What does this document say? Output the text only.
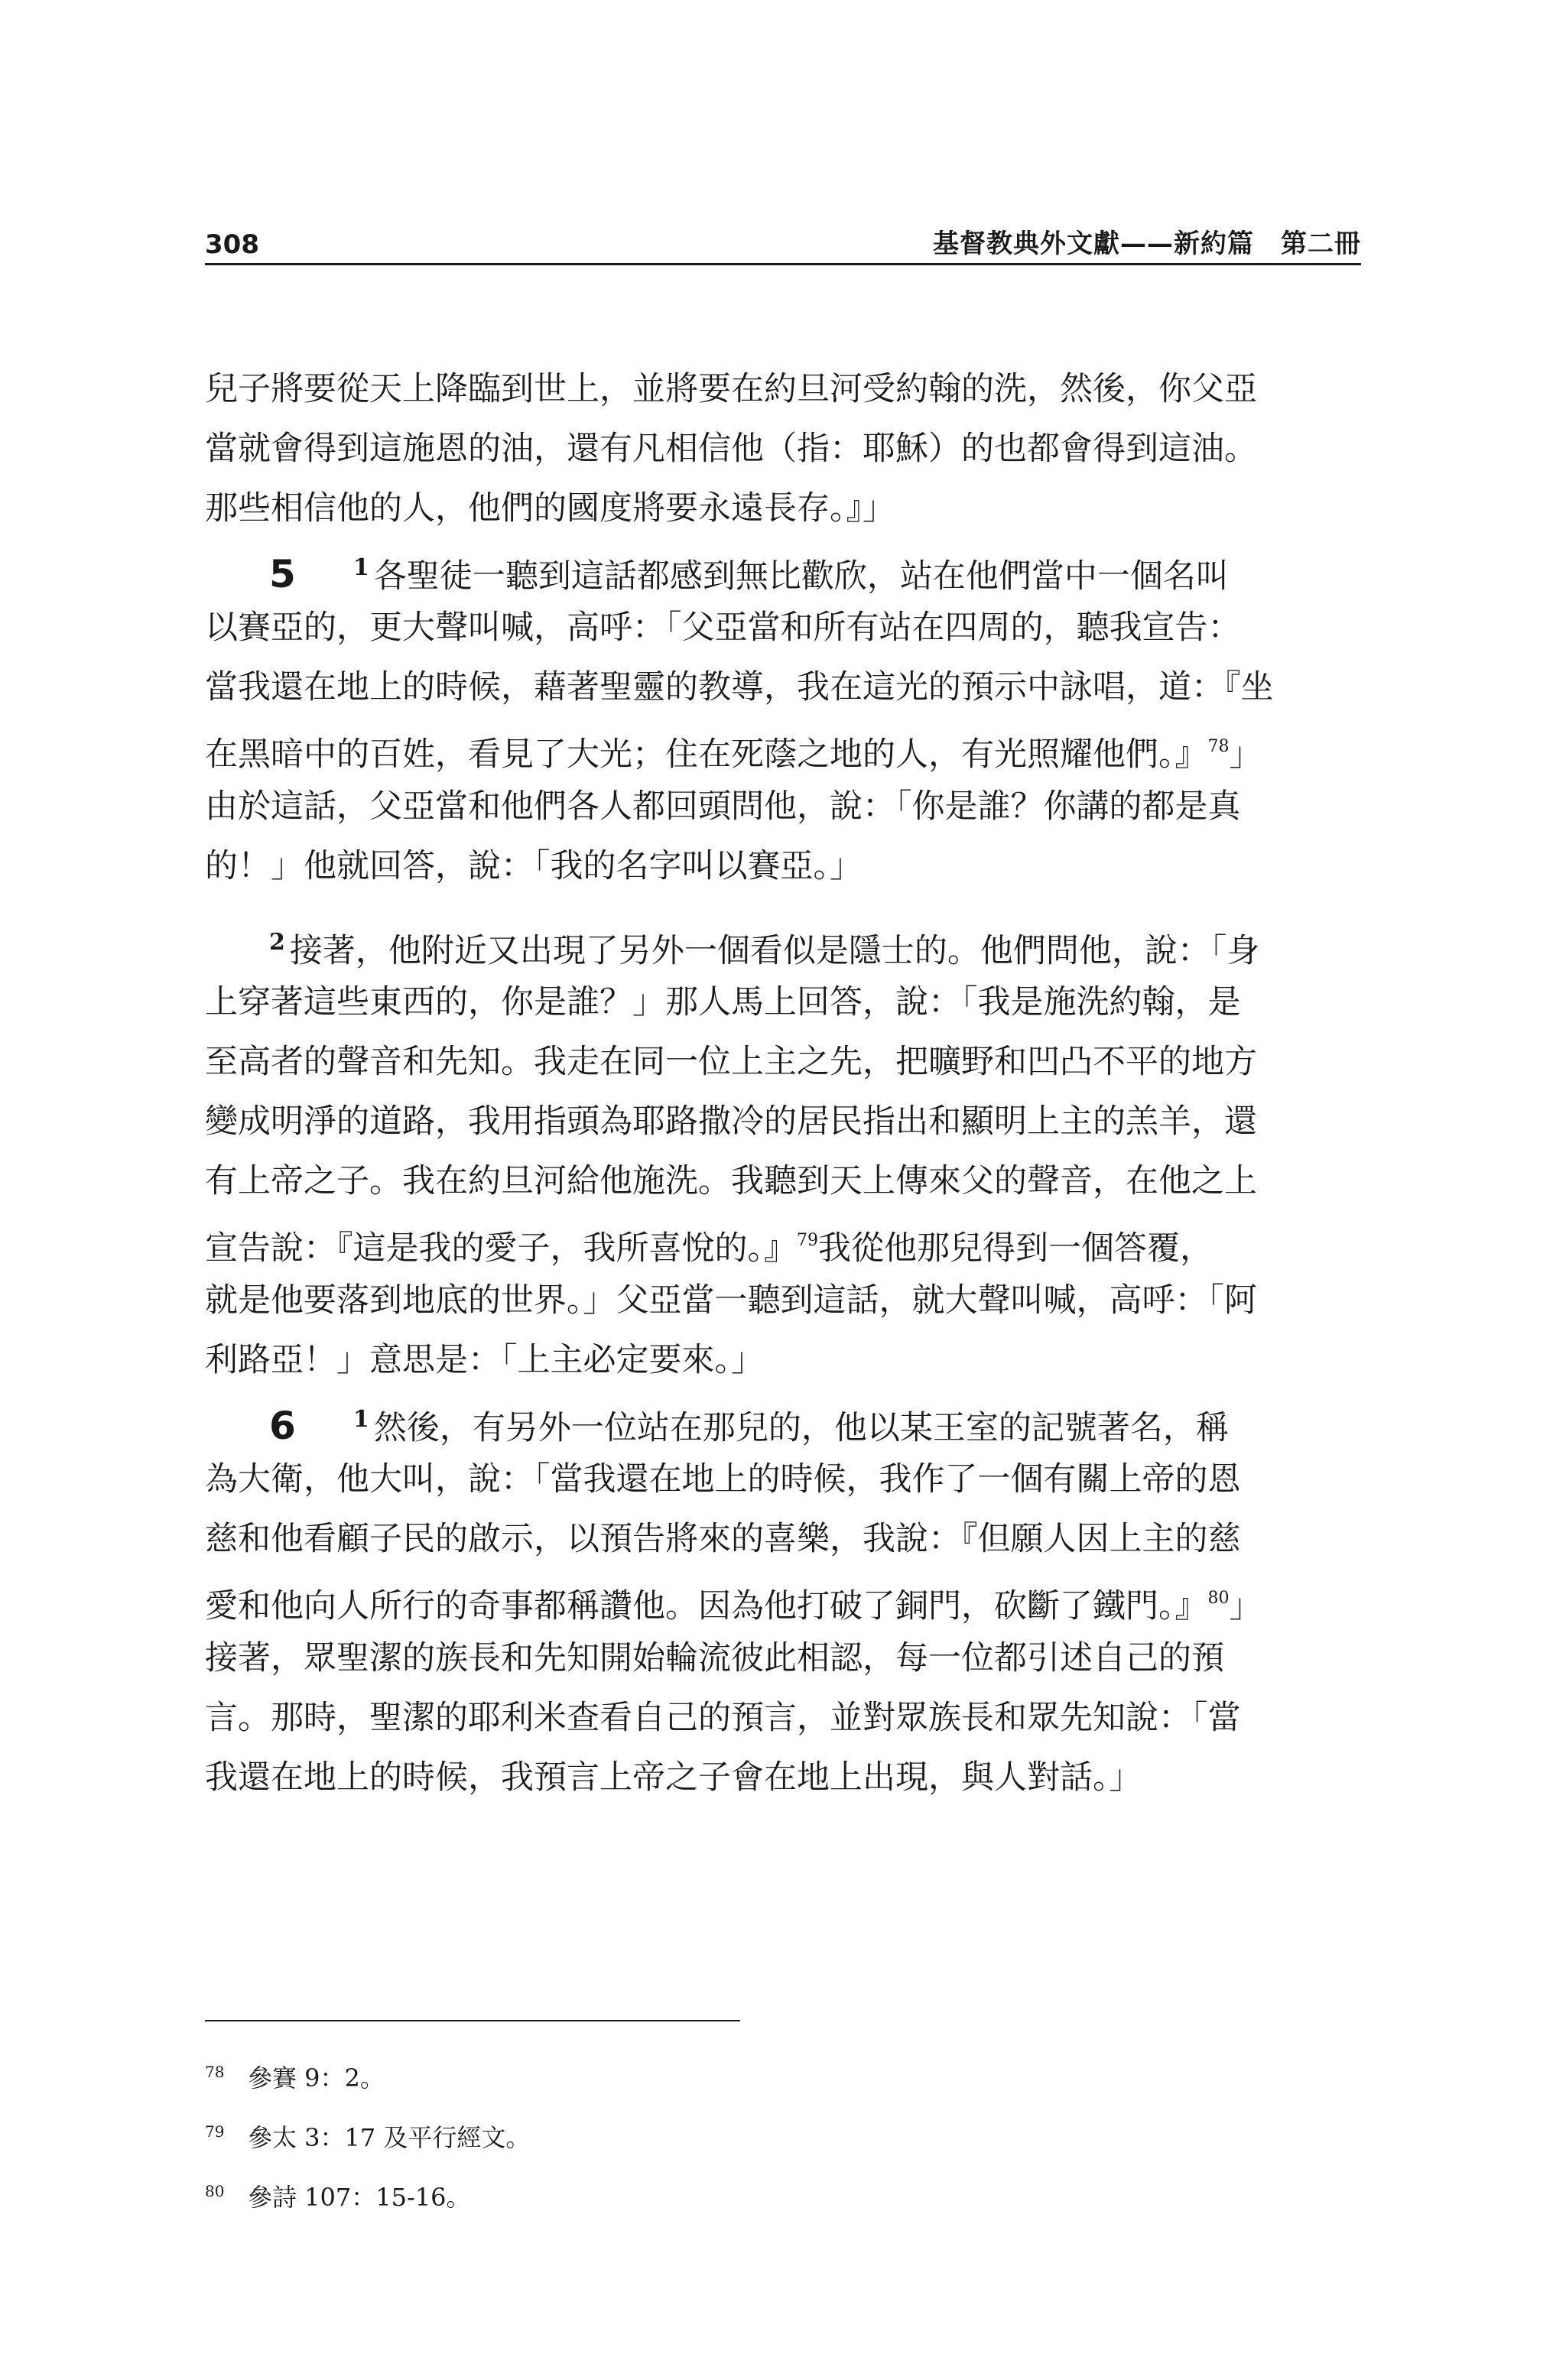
308	基督教典外文獻——新約篇　第二冊
兒子將要從天上降臨到世上，並將要在約旦河受約翰的洗，然後，你父亞
當就會得到這施恩的油，還有凡相信他（指：耶穌）的也都會得到這油。
那些相信他的人，他們的國度將要永遠長存。』」
5	$^1$ 各聖徒一聽到這話都感到無比歡欣，站在他們當中一個名叫
以賽亞的，更大聲叫喊，高呼：「父亞當和所有站在四周的，聽我宣告：
當我還在地上的時候，藉著聖靈的教導，我在這光的預示中詠唱，道：『坐
在黑暗中的百姓，看見了大光；住在死蔭之地的人，有光照耀他們。』$^{78}$」
由於這話，父亞當和他們各人都回頭問他，說：「你是誰？你講的都是真
的！」他就回答，說：「我的名字叫以賽亞。」
$^2$ 接著，他附近又出現了另外一個看似是隱士的。他們問他，說：「身
上穿著這些東西的，你是誰？」那人馬上回答，說：「我是施洗約翰，是
至高者的聲音和先知。我走在同一位上主之先，把曠野和凹凸不平的地方
變成明淨的道路，我用指頭為耶路撒冷的居民指出和顯明上主的羔羊，還
有上帝之子。我在約旦河給他施洗。我聽到天上傳來父的聲音，在他之上
宣告說：『這是我的愛子，我所喜悅的。』$^{79}$我從他那兒得到一個答覆，
就是他要落到地底的世界。」父亞當一聽到這話，就大聲叫喊，高呼：「阿
利路亞！」意思是：「上主必定要來。」
6	$^1$ 然後，有另外一位站在那兒的，他以某王室的記號著名，稱
為大衛，他大叫，說：「當我還在地上的時候，我作了一個有關上帝的恩
慈和他看顧子民的啟示，以預告將來的喜樂，我說：『但願人因上主的慈
愛和他向人所行的奇事都稱讚他。因為他打破了銅門，砍斷了鐵門。』$^{80}$」
接著，眾聖潔的族長和先知開始輪流彼此相認，每一位都引述自己的預
言。那時，聖潔的耶利米查看自己的預言，並對眾族長和眾先知說：「當
我還在地上的時候，我預言上帝之子會在地上出現，與人對話。」
78 參賽 9：2。
79 參太 3：17 及平行經文。
80 參詩 107：15-16。
